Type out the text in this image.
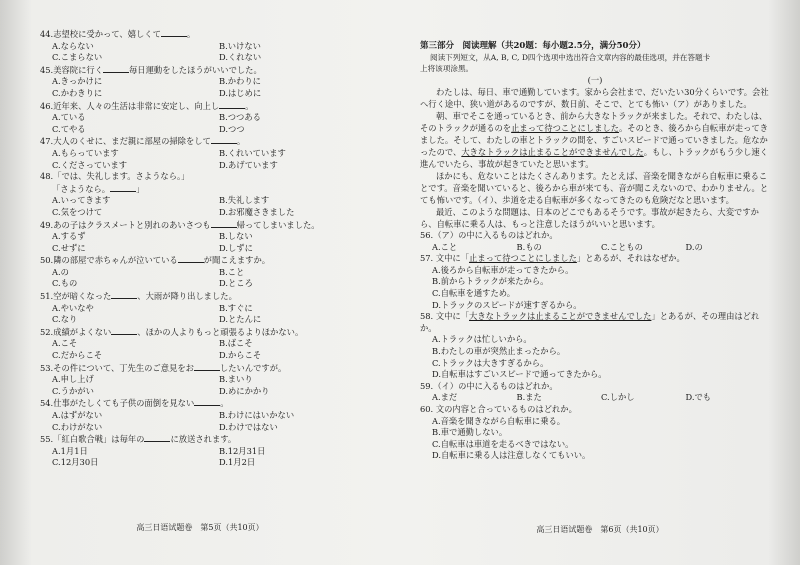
44.志望校に受かって、嬉しくて	。
A.ならない	B.いけない
C.こまらない	D.くれない
45.美容院に行く	毎日運動をしたほうがいいでした。
A.きっかけに	B.かわりに
C.かわきりに	D.はじめに
46.近年来、人々の生活は非常に安定し、向上し	。
A.ている	B.つつある
C.てやる	D.つつ
47.大人のくせに、まだ親に部屋の掃除をして	。
A.もらっています	B.くれいています
C.くださっています	D.あげています
48.「では、失礼します。さようなら。」
「さようなら。	」
A.いってきます	B.失礼します
C.気をつけて	D.お邪魔さきました
49.あの子はクラスメートと別れのあいさつも	帰ってしまいました。
A.するず	B.しない
C.せずに	D.しずに
50.隣の部屋で赤ちゃんが泣いている	が聞こえますか。
A.の	B.こと
C.もの	D.ところ
51.空が暗くなった	、大雨が降り出しました。
A.やいなや	B.すぐに
C.なり	D.とたんに
52.成績がよくない	、ほかの人よりもっと頑張るよりほかない。
A.こそ	B.ばこそ
C.だからこそ	D.からこそ
53.その件について、丁先生のご意見をお	したいんですが。
A.申し上げ	B.まいり
C.うかがい	D.めにかかり
54.仕事がたしくても子供の面倒を見ない	。
A.はずがない	B.わけにはいかない
C.わけがない	D.わけではない
55.「紅白歌合戦」は毎年の	に放送されます。
A.1月1日	B.12月31日
C.12月30日	D.1月2日
高三日语试题卷　第5页（共10页）
第三部分　阅读理解（共20题：每小题2.5分，满分50分）
阅读下列短文，从A, B, C, D四个选项中选出符合文章内容的最佳选项，并在答题卡
上将该项涂黑。
(一)

わたしは、毎日、車で通勤しています。家から会社まで、だいたい30分くらいです。会社へ行く途中、狭い道があるのですが、数日前、そこで、とても怖い（ア）がありました。

朝、車でそこを通っているとき、前から大きなトラックが来ました。それで、わたしは、そのトラックが通るのを止まって待つことにしました。そのとき、後ろから自転車が走ってきました。そして、わたしの車とトラックの間を、すごいスピードで通っていきました。危なかったので、大きなトラックは止まることができませんでした。もし、トラックがもう少し速く進んでいたら、事故が起きていたと思います。

ほかにも、危ないことはたくさんあります。たとえば、音楽を聞きながら自転車に乗ることです。音楽を聞いていると、後ろから車が来ても、音が聞こえないので、わかりません。とても怖いです。（イ）、歩道を走る自転車が多くなってきたのも危険だなと思います。

最近、このような問題は、日本のどこでもあるそうです。事故が起きたら、大変ですから、自転車に乗る人は、もっと注意したほうがいいと思います。

56.（ア）の中に入るものはどれか。
A.こと	B.もの	C.こともの	D.の
57. 文中に「止まって待つことにしました」とあるが、それはなぜか。
A.後ろから自転車が走ってきたから。
B.前からトラックが来たから。
C.自転車を通すため。
D.トラックのスピードが速すぎるから。
58. 文中に「大きなトラックは止まることができませんでした」とあるが、その理由はどれか。
A.トラックは忙しいから。
B.わたしの車が突然止まったから。
C.トラックは大きすぎるから。
D.自転車はすごいスピードで通ってきたから。
59.（イ）の中に入るものはどれか。
A.まだ	B.また	C.しかし	D.でも
60. 文の内容と合っているものはどれか。
A.音楽を聞きながら自転車に乗る。
B.車で通勤しない。
C.自転車は車道を走るべきではない。
D.自転車に乗る人は注意しなくてもいい。
高三日语试题卷　第6页（共10页）
